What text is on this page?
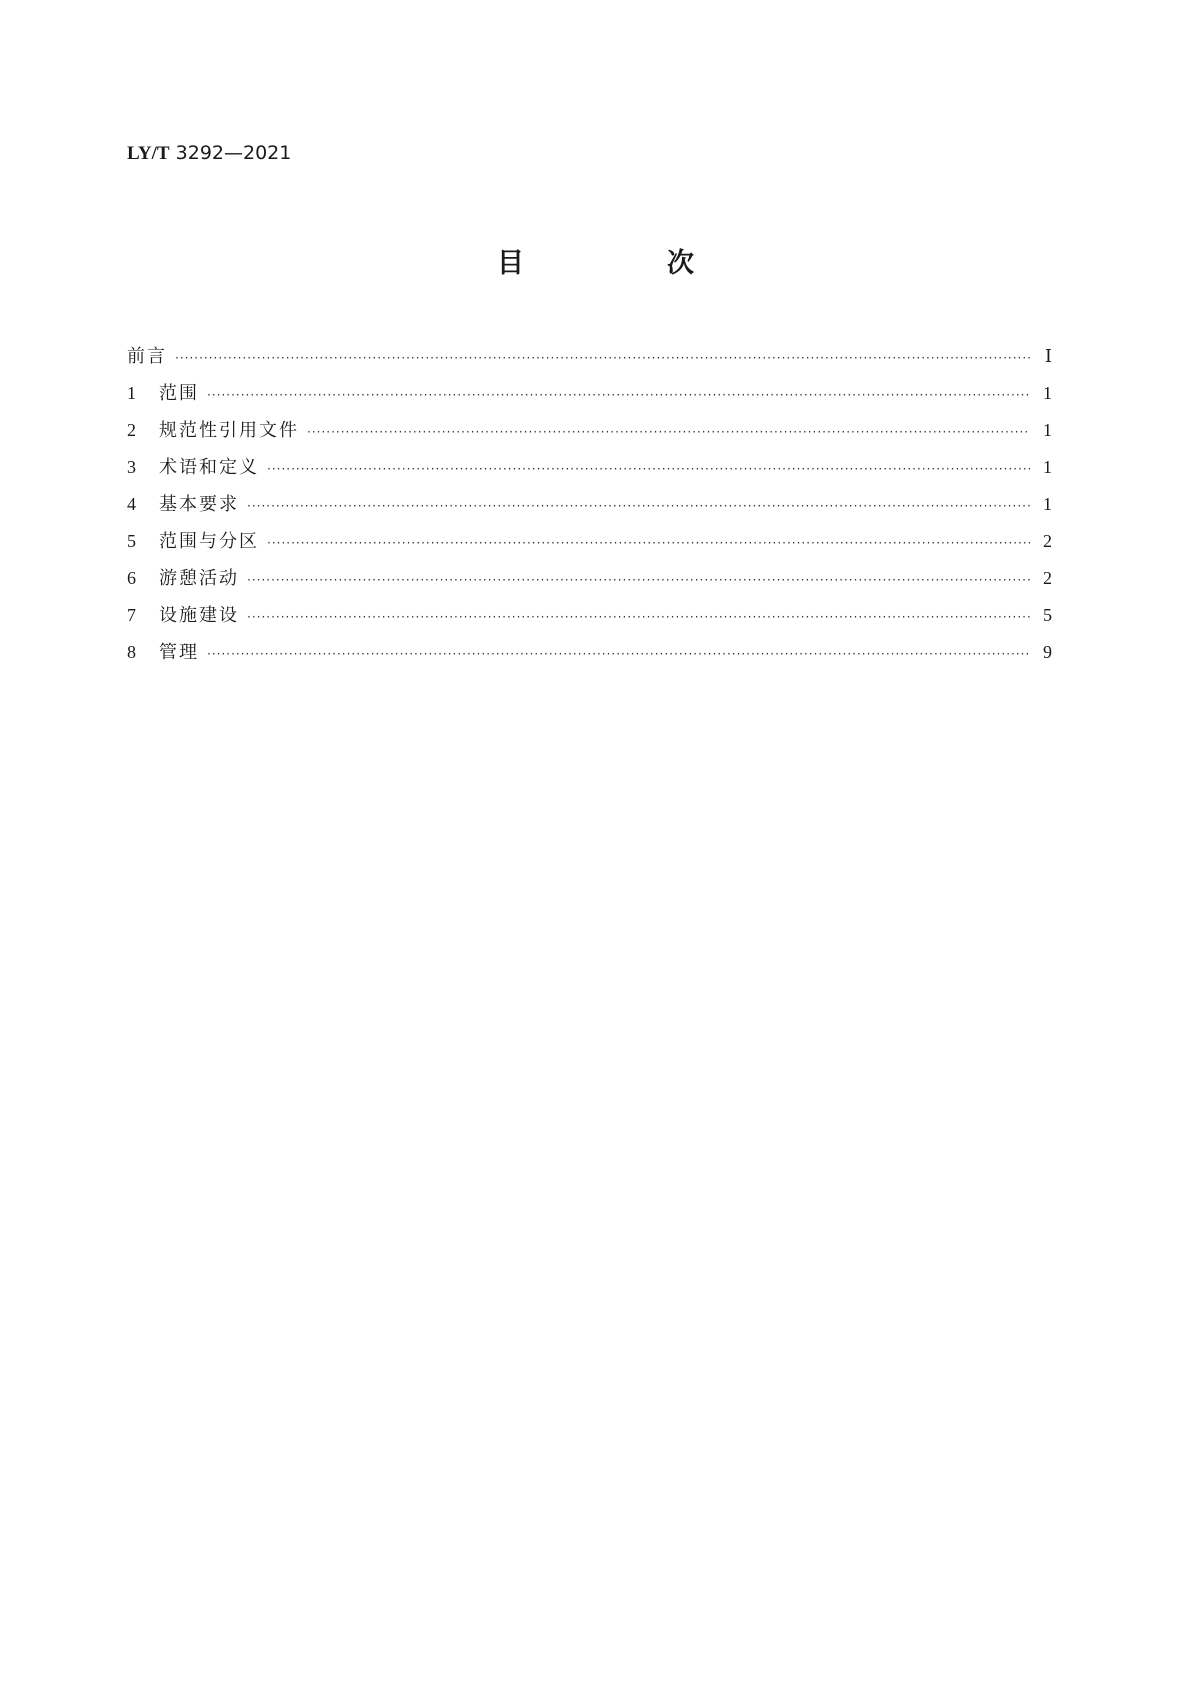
LY/T 3292—2021
目　次
前言 ·····	Ⅰ
1	范围 ·····	1
2	规范性引用文件 ·····	1
3	术语和定义 ·····	1
4	基本要求 ·····	1
5	范围与分区 ·····	2
6	游憩活动 ·····	2
7	设施建设 ·····	5
8	管理 ·····	9
